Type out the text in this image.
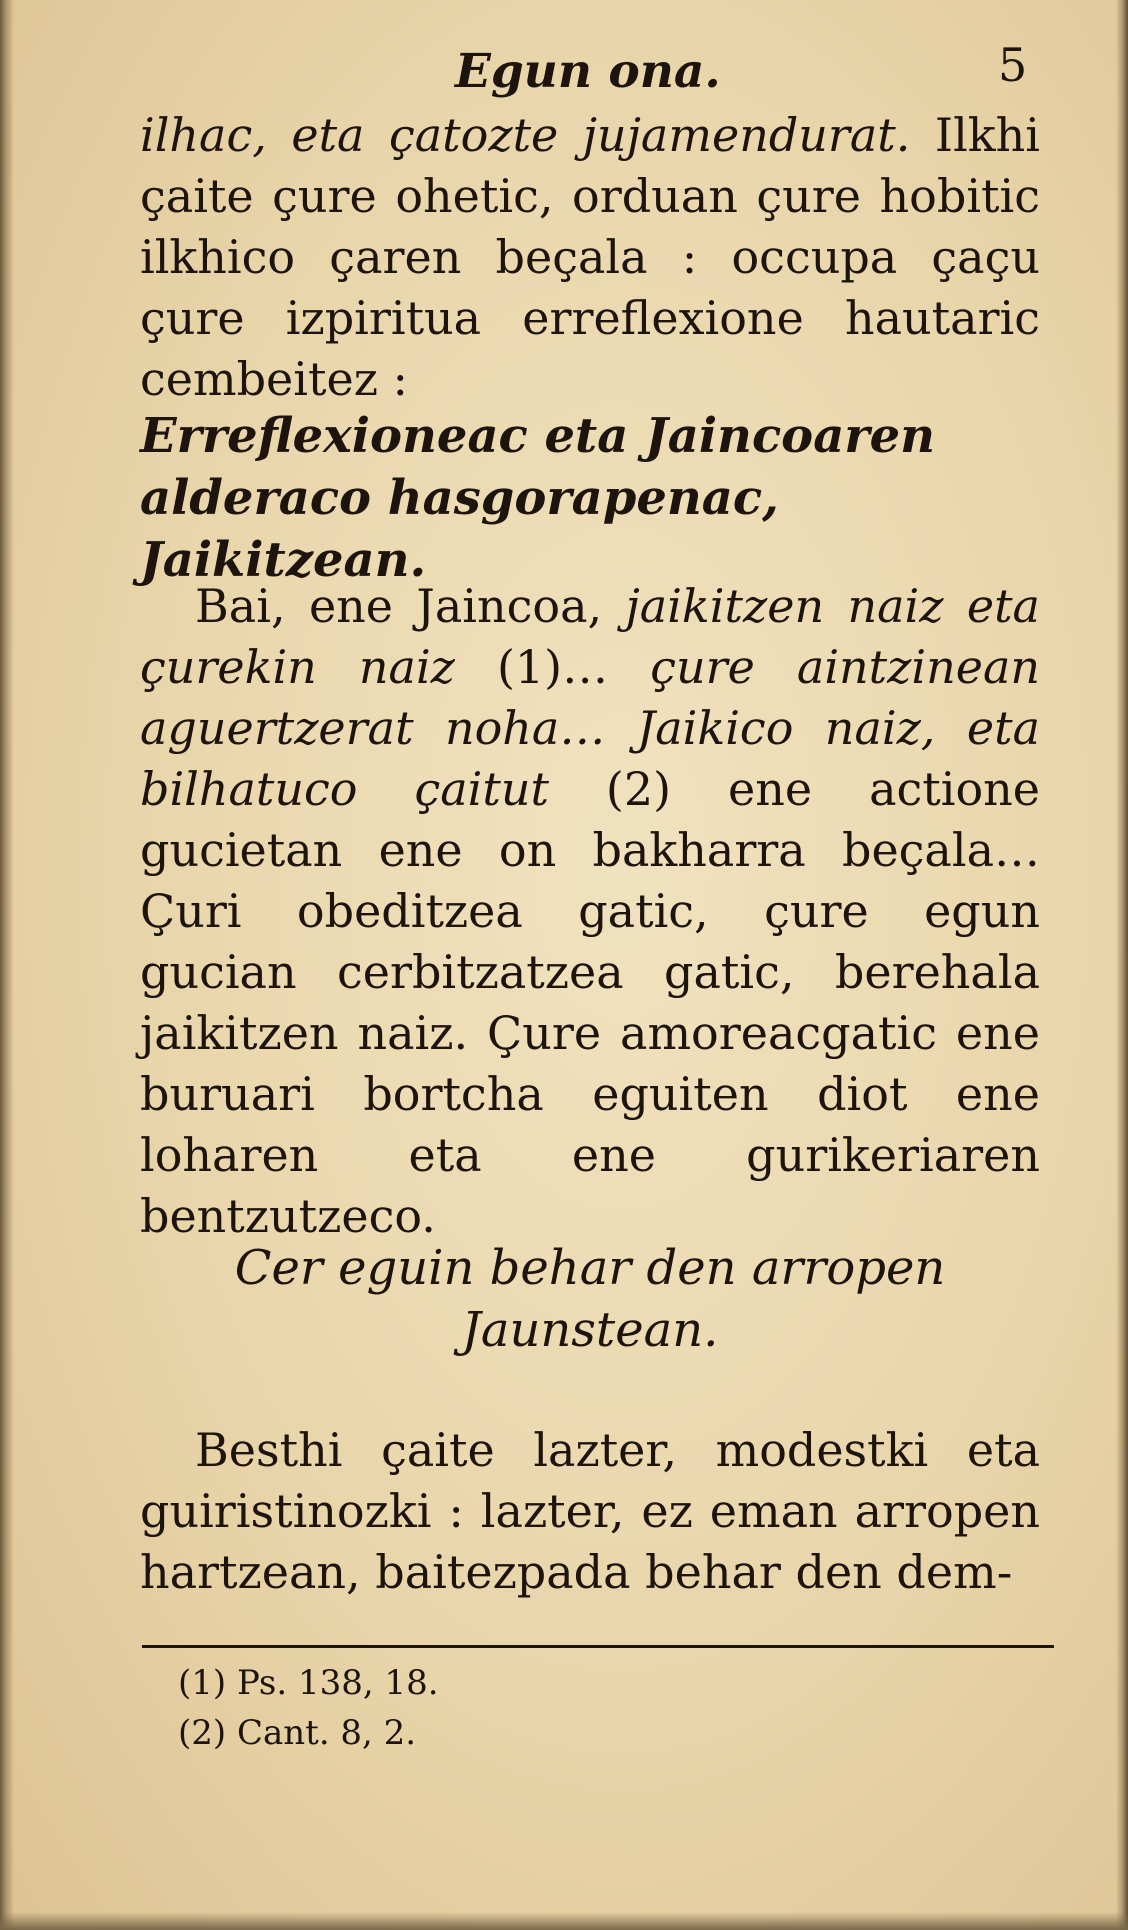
Egun ona.	5

ilhac, eta çatozte jujamendurat. Ilkhi çaite çure ohetic, orduan çure hobitic ilkhico çaren beçala : occupa çaçu çure izpiritua erreflexione hautaric cembeitez :

Erreflexioneac eta Jaincoaren alderaco hasgorapenac, Jaikitzean.

Bai, ene Jaincoa, jaikitzen naiz eta çurekin naiz (1)… çure aintzinean aguertzerat noha… Jaikico naiz, eta bilhatuco çaitut (2) ene actione gucietan ene on bakharra beçala… Çuri obeditzea gatic, çure egun gucian cerbitzatzea gatic, berehala jaikitzen naiz. Çure amoreacgatic ene buruari bortcha eguiten diot ene loharen eta ene gurikeriaren bentzutzeco.

Cer eguin behar den arropen Jaunstean.

Besthi çaite lazter, modestki eta guiristinozki : lazter, ez eman arropen hartzean, baitezpada behar den dem-

(1) Ps. 138, 18.
(2) Cant. 8, 2.
